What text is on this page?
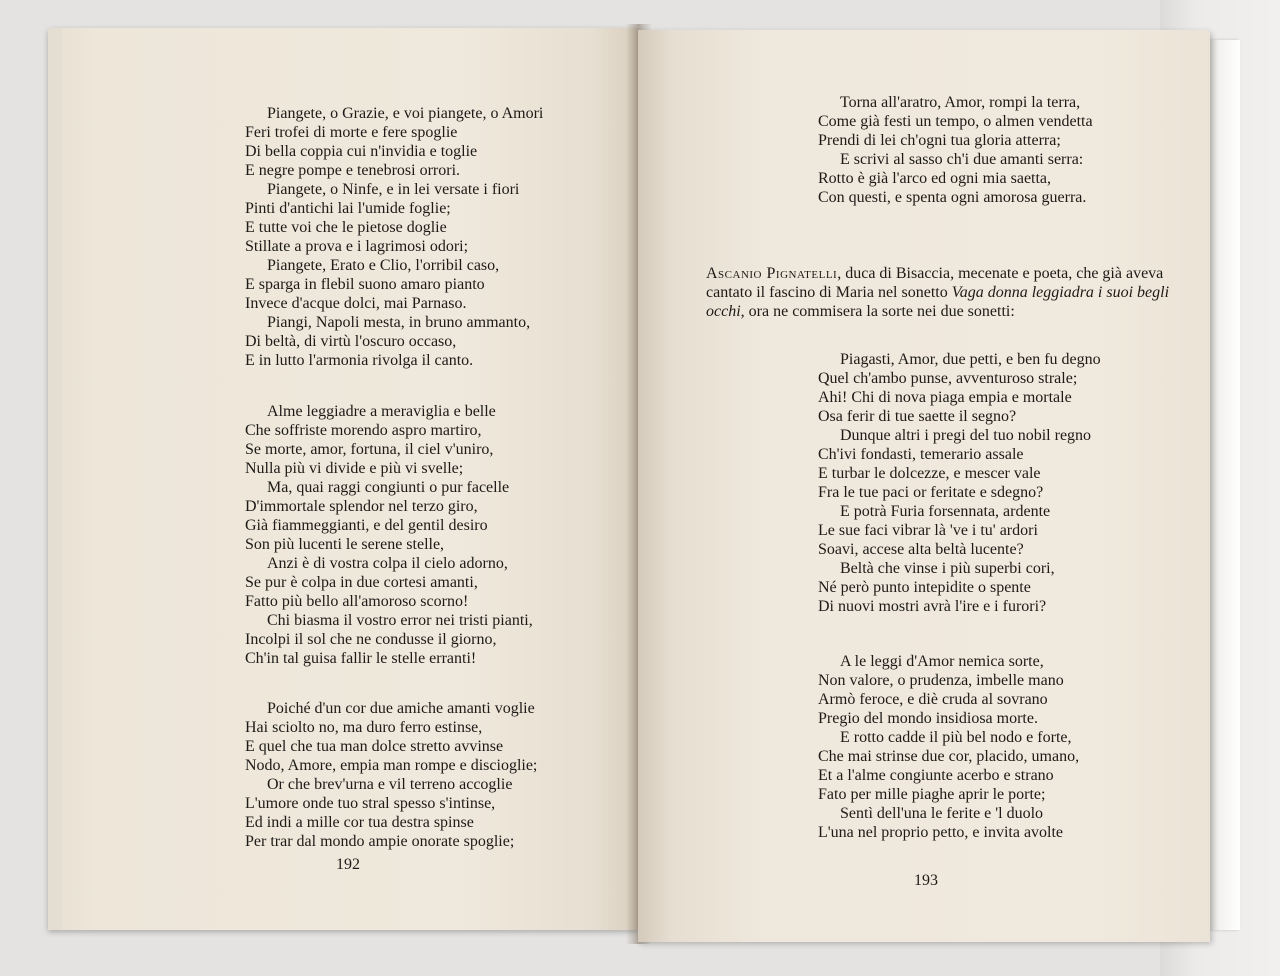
Piangete, o Grazie, e voi piangete, o Amori
Feri trofei di morte e fere spoglie
Di bella coppia cui n'invidia e toglie
E negre pompe e tenebrosi orrori.
Piangete, o Ninfe, e in lei versate i fiori
Pinti d'antichi lai l'umide foglie;
E tutte voi che le pietose doglie
Stillate a prova e i lagrimosi odori;
Piangete, Erato e Clio, l'orribil caso,
E sparga in flebil suono amaro pianto
Invece d'acque dolci, mai Parnaso.
Piangi, Napoli mesta, in bruno ammanto,
Di beltà, di virtù l'oscuro occaso,
E in lutto l'armonia rivolga il canto.
Alme leggiadre a meraviglia e belle
Che soffriste morendo aspro martiro,
Se morte, amor, fortuna, il ciel v'uniro,
Nulla più vi divide e più vi svelle;
Ma, quai raggi congiunti o pur facelle
D'immortale splendor nel terzo giro,
Già fiammeggianti, e del gentil desiro
Son più lucenti le serene stelle,
Anzi è di vostra colpa il cielo adorno,
Se pur è colpa in due cortesi amanti,
Fatto più bello all'amoroso scorno!
Chi biasma il vostro error nei tristi pianti,
Incolpi il sol che ne condusse il giorno,
Ch'in tal guisa fallir le stelle erranti!
Poiché d'un cor due amiche amanti voglie
Hai sciolto no, ma duro ferro estinse,
E quel che tua man dolce stretto avvinse
Nodo, Amore, empia man rompe e discioglie;
Or che brev'urna e vil terreno accoglie
L'umore onde tuo stral spesso s'intinse,
Ed indi a mille cor tua destra spinse
Per trar dal mondo ampie onorate spoglie;
192
Torna all'aratro, Amor, rompi la terra,
Come già festi un tempo, o almen vendetta
Prendi di lei ch'ogni tua gloria atterra;
E scrivi al sasso ch'i due amanti serra:
Rotto è già l'arco ed ogni mia saetta,
Con questi, e spenta ogni amorosa guerra.
Ascanio Pignatelli, duca di Bisaccia, mecenate e poeta, che già aveva cantato il fascino di Maria nel sonetto Vaga donna leggiadra i suoi begli occhi, ora ne commisera la sorte nei due sonetti:
Piagasti, Amor, due petti, e ben fu degno
Quel ch'ambo punse, avventuroso strale;
Ahi! Chi di nova piaga empia e mortale
Osa ferir di tue saette il segno?
Dunque altri i pregi del tuo nobil regno
Ch'ivi fondasti, temerario assale
E turbar le dolcezze, e mescer vale
Fra le tue paci or feritate e sdegno?
E potrà Furia forsennata, ardente
Le sue faci vibrar là 've i tu' ardori
Soavi, accese alta beltà lucente?
Beltà che vinse i più superbi cori,
Né però punto intepidite o spente
Di nuovi mostri avrà l'ire e i furori?
A le leggi d'Amor nemica sorte,
Non valore, o prudenza, imbelle mano
Armò feroce, e diè cruda al sovrano
Pregio del mondo insidiosa morte.
E rotto cadde il più bel nodo e forte,
Che mai strinse due cor, placido, umano,
Et a l'alme congiunte acerbo e strano
Fato per mille piaghe aprir le porte;
Sentì dell'una le ferite e 'l duolo
L'una nel proprio petto, e invita avolte
193
